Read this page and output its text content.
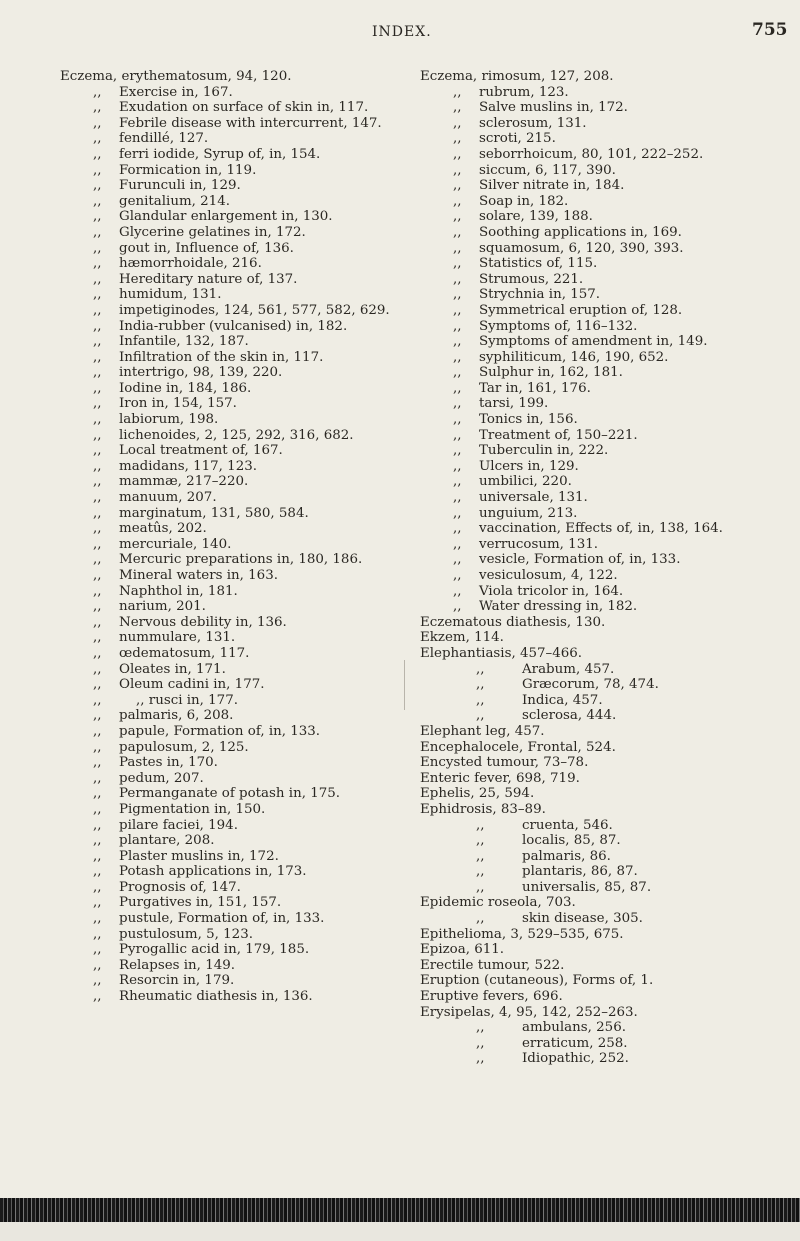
INDEX.	755

Eczema, erythematosum, 94, 120.

,, Exercise in, 167.

,, Exudation on surface of skin in, 117.

,, Febrile disease with intercurrent, 147.

,, fendillé, 127.

,, ferri iodide, Syrup of, in, 154.

,, Formication in, 119.

,, Furunculi in, 129.

,, genitalium, 214.

,, Glandular enlargement in, 130.

,, Glycerine gelatines in, 172.

,, gout in, Influence of, 136.

,, hæmorrhoidale, 216.

,, Hereditary nature of, 137.

,, humidum, 131.

,, impetiginodes, 124, 561, 577, 582, 629.

,, India-rubber (vulcanised) in, 182.

,, Infantile, 132, 187.

,, Infiltration of the skin in, 117.

,, intertrigo, 98, 139, 220.

,, Iodine in, 184, 186.

,, Iron in, 154, 157.

,, labiorum, 198.

,, lichenoides, 2, 125, 292, 316, 682.

,, Local treatment of, 167.

,, madidans, 117, 123.

,, mammæ, 217–220.

,, manuum, 207.

,, marginatum, 131, 580, 584.

,, meatûs, 202.

,, mercuriale, 140.

,, Mercuric preparations in, 180, 186.

,, Mineral waters in, 163.

,, Naphthol in, 181.

,, narium, 201.

,, Nervous debility in, 136.

,, nummulare, 131.

,, œdematosum, 117.

,, Oleates in, 171.

,, Oleum cadini in, 177.

,,    ,, rusci in, 177.

,, palmaris, 6, 208.

,, papule, Formation of, in, 133.

,, papulosum, 2, 125.

,, Pastes in, 170.

,, pedum, 207.

,, Permanganate of potash in, 175.

,, Pigmentation in, 150.

,, pilare faciei, 194.

,, plantare, 208.

,, Plaster muslins in, 172.

,, Potash applications in, 173.

,, Prognosis of, 147.

,, Purgatives in, 151, 157.

,, pustule, Formation of, in, 133.

,, pustulosum, 5, 123.

,, Pyrogallic acid in, 179, 185.

,, Relapses in, 149.

,, Resorcin in, 179.

,, Rheumatic diathesis in, 136.

Eczema, rimosum, 127, 208.

,, rubrum, 123.

,, Salve muslins in, 172.

,, sclerosum, 131.

,, scroti, 215.

,, seborrhoicum, 80, 101, 222–252.

,, siccum, 6, 117, 390.

,, Silver nitrate in, 184.

,, Soap in, 182.

,, solare, 139, 188.

,, Soothing applications in, 169.

,, squamosum, 6, 120, 390, 393.

,, Statistics of, 115.

,, Strumous, 221.

,, Strychnia in, 157.

,, Symmetrical eruption of, 128.

,, Symptoms of, 116–132.

,, Symptoms of amendment in, 149.

,, syphiliticum, 146, 190, 652.

,, Sulphur in, 162, 181.

,, Tar in, 161, 176.

,, tarsi, 199.

,, Tonics in, 156.

,, Treatment of, 150–221.

,, Tuberculin in, 222.

,, Ulcers in, 129.

,, umbilici, 220.

,, universale, 131.

,, unguium, 213.

,, vaccination, Effects of, in, 138, 164.

,, verrucosum, 131.

,, vesicle, Formation of, in, 133.

,, vesiculosum, 4, 122.

,, Viola tricolor in, 164.

,, Water dressing in, 182.

Eczematous diathesis, 130.

Ekzem, 114.

Elephantiasis, 457–466.

,,	Arabum, 457.

,,	Græcorum, 78, 474.

,,	Indica, 457.

,,	sclerosa, 444.

Elephant leg, 457.

Encephalocele, Frontal, 524.

Encysted tumour, 73–78.

Enteric fever, 698, 719.

Ephelis, 25, 594.

Ephidrosis, 83–89.

,,	cruenta, 546.

,,	localis, 85, 87.

,,	palmaris, 86.

,,	plantaris, 86, 87.

,,	universalis, 85, 87.

Epidemic roseola, 703.

,,	skin disease, 305.

Epithelioma, 3, 529–535, 675.

Epizoa, 611.

Erectile tumour, 522.

Eruption (cutaneous), Forms of, 1.

Eruptive fevers, 696.

Erysipelas, 4, 95, 142, 252–263.

,,	ambulans, 256.

,,	erraticum, 258.

,,	Idiopathic, 252.
